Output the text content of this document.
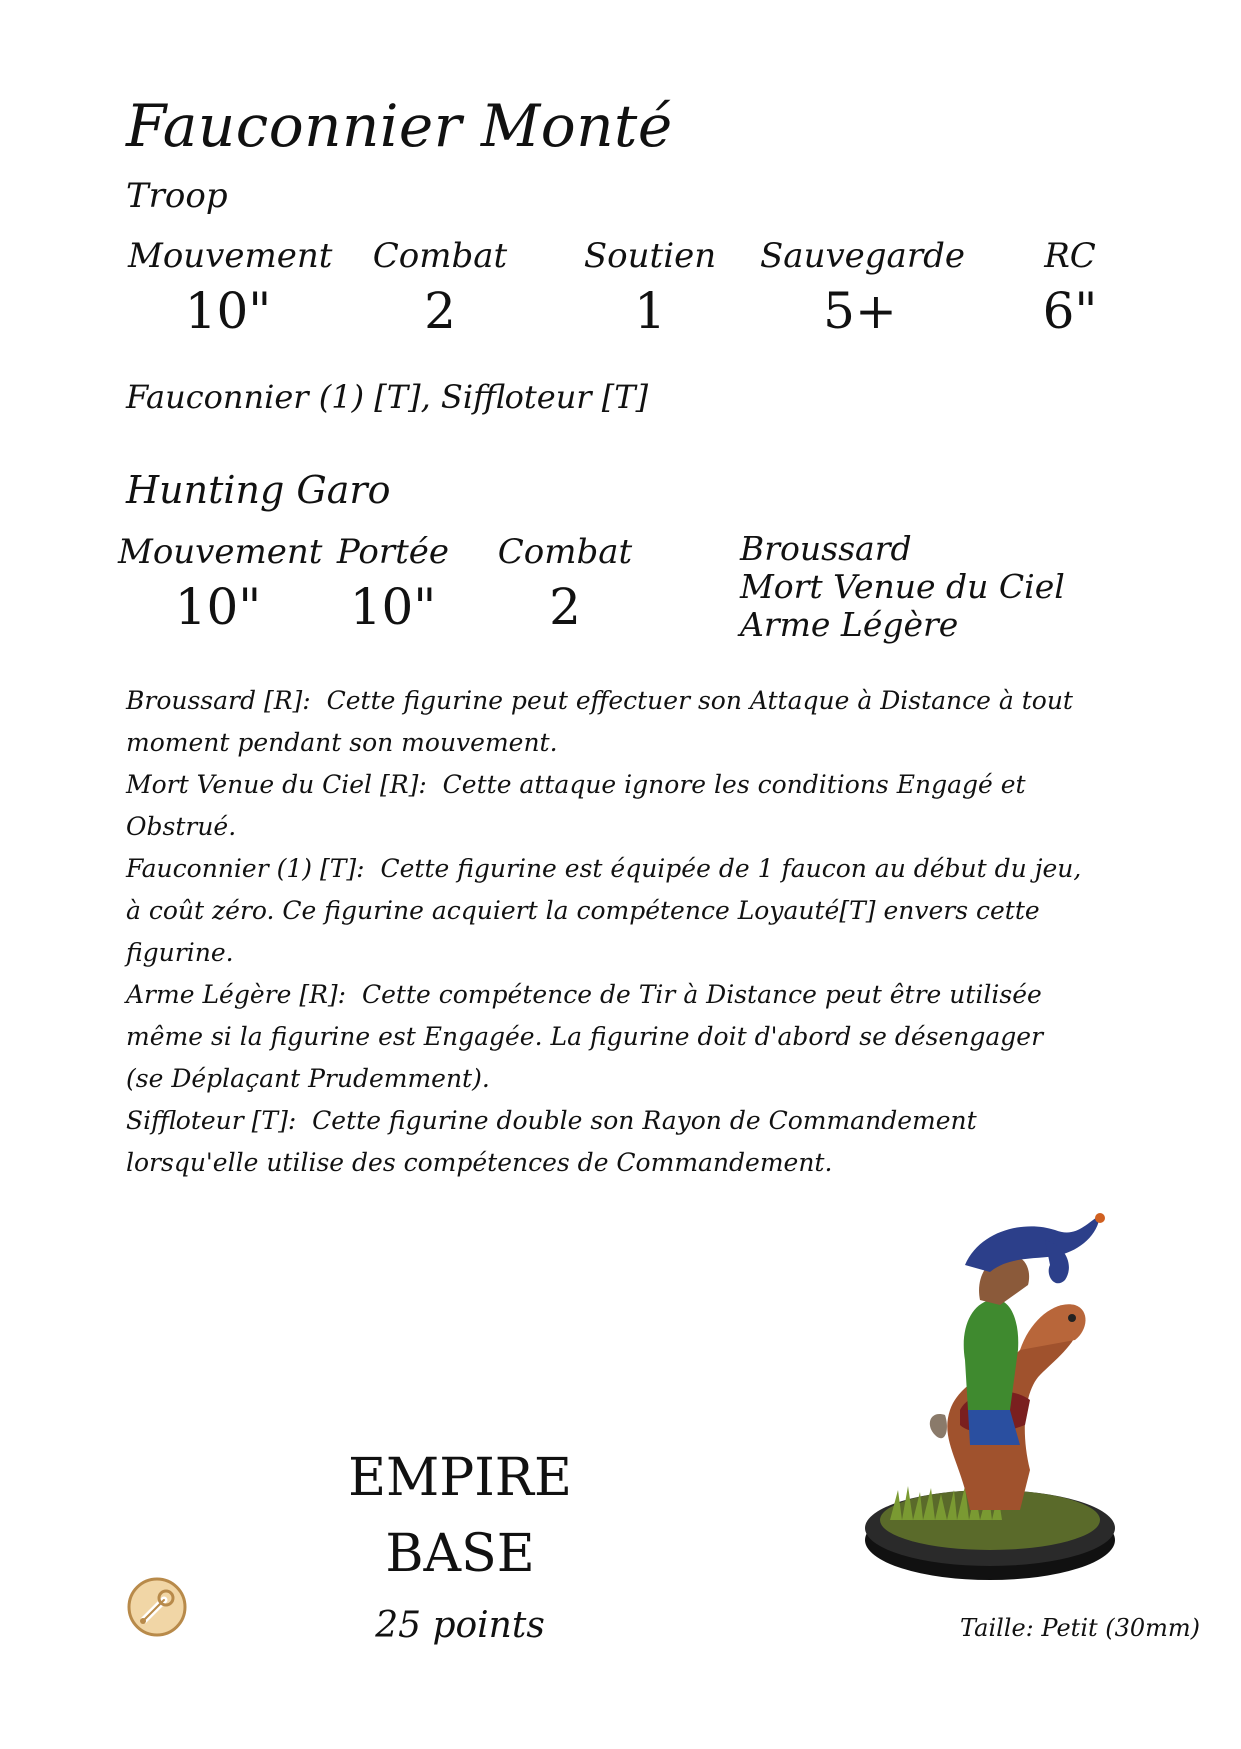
Fauconnier Monté
Troop
Mouvement
10"
Combat
2
Soutien
1
Sauvegarde
5+
RC
6"
Fauconnier (1) [T], Siffloteur [T]
Hunting Garo
Mouvement
10"
Portée
10"
Combat
2
Broussard
Mort Venue du Ciel
Arme Légère

Broussard [R]: Cette figurine peut effectuer son Attaque à Distance à tout moment pendant son mouvement.

Mort Venue du Ciel [R]: Cette attaque ignore les conditions Engagé et Obstrué.

Fauconnier (1) [T]: Cette figurine est équipée de 1 faucon au début du jeu, à coût zéro. Ce figurine acquiert la compétence Loyauté[T] envers cette figurine.

Arme Légère [R]: Cette compétence de Tir à Distance peut être utilisée même si la figurine est Engagée. La figurine doit d'abord se désengager (se Déplaçant Prudemment).

Siffloteur [T]: Cette figurine double son Rayon de Commandement lorsqu'elle utilise des compétences de Commandement.

EMPIRE
BASE
25 points	Taille: Petit (30mm)
